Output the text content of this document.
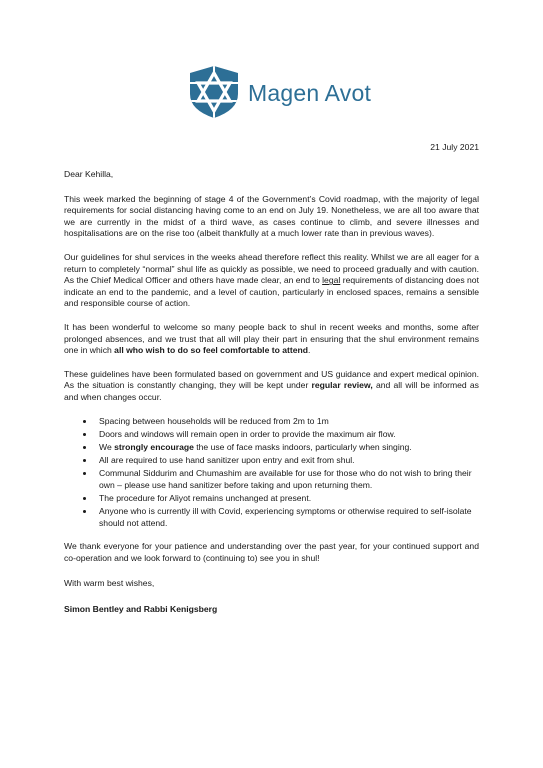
Magen Avot
21 July 2021
Dear Kehilla,

This week marked the beginning of stage 4 of the Government’s Covid roadmap, with the majority of legal requirements for social distancing having come to an end on July 19. Nonetheless, we are all too aware that we are currently in the midst of a third wave, as cases continue to climb, and severe illnesses and hospitalisations are on the rise too (albeit thankfully at a much lower rate than in previous waves).

Our guidelines for shul services in the weeks ahead therefore reflect this reality. Whilst we are all eager for a return to completely “normal” shul life as quickly as possible, we need to proceed gradually and with caution. As the Chief Medical Officer and others have made clear, an end to legal requirements of distancing does not indicate an end to the pandemic, and a level of caution, particularly in enclosed spaces, remains a sensible and responsible course of action.

It has been wonderful to welcome so many people back to shul in recent weeks and months, some after prolonged absences, and we trust that all will play their part in ensuring that the shul environment remains one in which all who wish to do so feel comfortable to attend.

These guidelines have been formulated based on government and US guidance and expert medical opinion. As the situation is constantly changing, they will be kept under regular review, and all will be informed as and when changes occur.

• Spacing between households will be reduced from 2m to 1m
• Doors and windows will remain open in order to provide the maximum air flow.
• We strongly encourage the use of face masks indoors, particularly when singing.
• All are required to use hand sanitizer upon entry and exit from shul.
• Communal Siddurim and Chumashim are available for use for those who do not wish to bring their own – please use hand sanitizer before taking and upon returning them.
• The procedure for Aliyot remains unchanged at present.
• Anyone who is currently ill with Covid, experiencing symptoms or otherwise required to self-isolate should not attend.

We thank everyone for your patience and understanding over the past year, for your continued support and co-operation and we look forward to (continuing to) see you in shul!

With warm best wishes,
Simon Bentley and Rabbi Kenigsberg
